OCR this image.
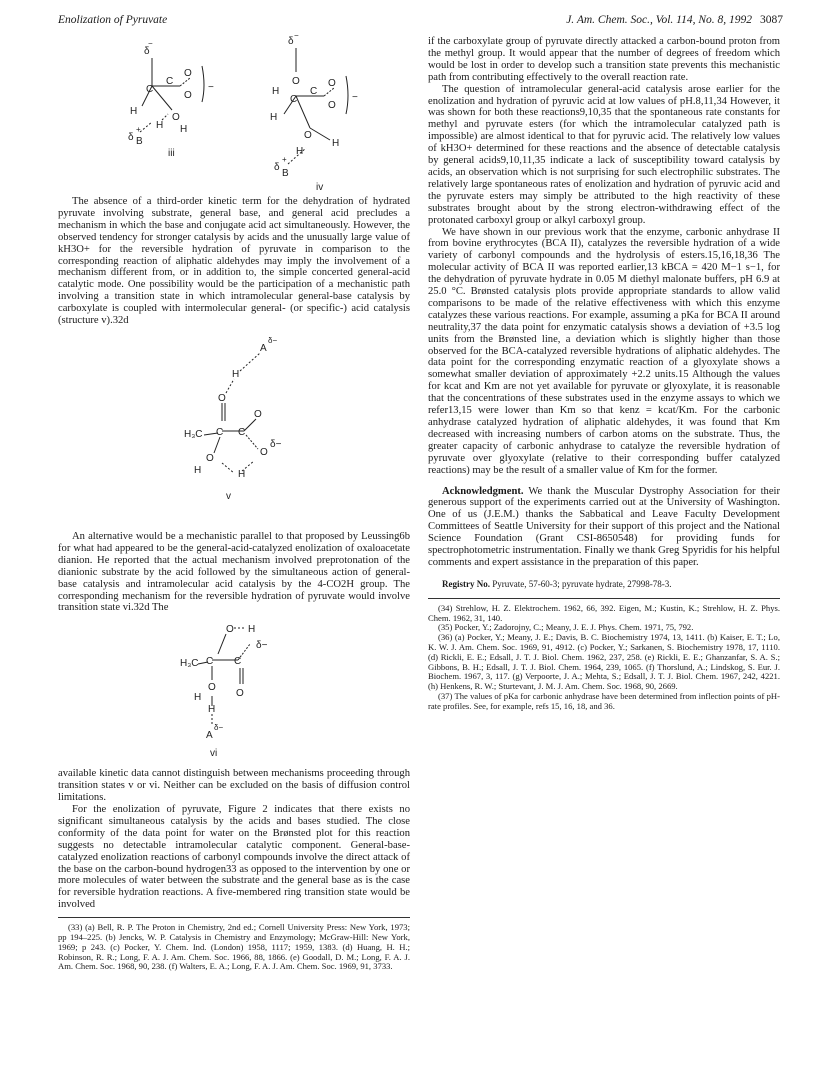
Enolization of Pyruvate	J. Am. Chem. Soc., Vol. 114, No. 8, 1992 3087
δ
−
C
C
O
O
−
H
O
H
H
δ
+
B
iii
δ
−
O
C
H	C
O
O
−
H
O
H
H
δ
+
B
iv

The absence of a third-order kinetic term for the dehydration of hydrated pyruvate involving substrate, general base, and general acid precludes a mechanism in which the base and conjugate acid act simultaneously. However, the observed tendency for stronger catalysis by acids and the unusually large value of kH3O+ for the reversible hydration of pyruvate in comparison to the corresponding reaction of aliphatic aldehydes may imply the involvement of a mechanism different from, or in addition to, the simple concerted general-acid catalytic mode. One possibility would be the participation of a mechanistic path involving a transition state in which intramolecular general-base catalysis by carboxylate is coupled with intermolecular general- (or specific-) acid catalysis (structure v).32d

A
δ−
H
O
C C
O
H₃C
O
δ−
O
H	H
v

An alternative would be a mechanistic parallel to that proposed by Leussing6b for what had appeared to be the general-acid-catalyzed enolization of oxaloacetate dianion. He reported that the actual mechanism involved preprotonation of the dianionic substrate by the acid followed by the simultaneous action of general-base catalysis and intramolecular acid catalysis by the 4-CO2H group. The corresponding mechanism for the reversible hydration of pyruvate would involve transition state vi.32d The

O H
δ−
H₃C C C
O
O
H
H
A
δ−
vi

available kinetic data cannot distinguish between mechanisms proceeding through transition states v or vi. Neither can be excluded on the basis of diffusion control limitations.

For the enolization of pyruvate, Figure 2 indicates that there exists no significant simultaneous catalysis by the acids and bases studied. The close conformity of the data point for water on the Brønsted plot for this reaction suggests no detectable intramolecular catalytic component. General-base-catalyzed enolization reactions of carbonyl compounds involve the direct attack of the base on the carbon-bound hydrogen33 as opposed to the intervention by one or more molecules of water between the substrate and the general base as is the case for reversible hydration reactions. A five-membered ring transition state would be involved

(33) (a) Bell, R. P. The Proton in Chemistry, 2nd ed.; Cornell University Press: New York, 1973; pp 194–225. (b) Jencks, W. P. Catalysis in Chemistry and Enzymology; McGraw-Hill: New York, 1969; p 243. (c) Pocker, Y. Chem. Ind. (London) 1958, 1117; 1959, 1383. (d) Huang, H. H.; Robinson, R. R.; Long, F. A. J. Am. Chem. Soc. 1966, 88, 1866. (e) Goodall, D. M.; Long, F. A. J. Am. Chem. Soc. 1968, 90, 238. (f) Walters, E. A.; Long, F. A. J. Am. Chem. Soc. 1969, 91, 3733.

if the carboxylate group of pyruvate directly attacked a carbon-bound proton from the methyl group. It would appear that the number of degrees of freedom which would be lost in order to develop such a transition state prevents this mechanistic path from contributing effectively to the overall reaction rate.

The question of intramolecular general-acid catalysis arose earlier for the enolization and hydration of pyruvic acid at low values of pH.8,11,34 However, it was shown for both these reactions9,10,35 that the spontaneous rate constants for methyl and pyruvate esters (for which the intramolecular catalyzed path is impossible) are almost identical to that for pyruvic acid. The relatively low values of kH3O+ determined for these reactions and the absence of detectable catalysis by general acids9,10,11,35 indicate a lack of susceptibility toward catalysis by acids, an observation which is not surprising for such electrophilic substrates. The relatively large spontaneous rates of enolization and hydration of pyruvic acid and the pyruvate esters may simply be attributed to the high reactivity of these substrates brought about by the strong electron-withdrawing effect of the protonated carboxyl group or alkyl carboxyl group.

We have shown in our previous work that the enzyme, carbonic anhydrase II from bovine erythrocytes (BCA II), catalyzes the reversible hydration of a wide variety of carbonyl compounds and the hydrolysis of esters.15,16,18,36 The molecular activity of BCA II was reported earlier,13 kBCA = 420 M−1 s−1, for the dehydration of pyruvate hydrate in 0.05 M diethyl malonate buffers, pH 6.9 at 25.0 °C. Brønsted catalysis plots provide appropriate standards to allow valid comparisons to be made of the relative effectiveness with which this enzyme catalyzes these various reactions. For example, assuming a pKa for BCA II around neutrality,37 the data point for enzymatic catalysis shows a deviation of +3.5 log units from the Brønsted line, a deviation which is slightly higher than those observed for the BCA-catalyzed reversible hydrations of aliphatic aldehydes. The data point for the corresponding enzymatic reaction of a glyoxylate shows a somewhat smaller deviation of approximately +2.2 units.15 Although the values for kcat and Km are not yet available for pyruvate or glyoxylate, it is reasonable that the concentrations of these substrates used in the enzyme assays to which we refer13,15 were lower than Km so that kenz = kcat/Km. For the carbonic anhydrase catalyzed hydration of aliphatic aldehydes, it was found that Km decreased with increasing numbers of carbon atoms on the substrate. Thus, the greater capacity of carbonic anhydrase to catalyze the reversible hydration of pyruvate over glyoxylate (relative to their corresponding buffer catalyzed reactions) may be the result of a smaller value of Km for the former.

Acknowledgment. We thank the Muscular Dystrophy Association for their generous support of the experiments carried out at the University of Washington. One of us (J.E.M.) thanks the Sabbatical and Leave Faculty Development Committees of Seattle University for their support of this project and the National Science Foundation (Grant CSI-8650548) for providing funds for spectrophotometric instrumentation. Finally we thank Greg Spyridis for his helpful comments and expert assistance in the preparation of this paper.

Registry No. Pyruvate, 57-60-3; pyruvate hydrate, 27998-78-3.

(34) Strehlow, H. Z. Elektrochem. 1962, 66, 392. Eigen, M.; Kustin, K.; Strehlow, H. Z. Phys. Chem. 1962, 31, 140.

(35) Pocker, Y.; Zadorojny, C.; Meany, J. E. J. Phys. Chem. 1971, 75, 792.

(36) (a) Pocker, Y.; Meany, J. E.; Davis, B. C. Biochemistry 1974, 13, 1411. (b) Kaiser, E. T.; Lo, K. W. J. Am. Chem. Soc. 1969, 91, 4912. (c) Pocker, Y.; Sarkanen, S. Biochemistry 1978, 17, 1110. (d) Rickli, E. E.; Edsall, J. T. J. Biol. Chem. 1962, 237, 258. (e) Rickli, E. E.; Ghanzanfar, S. A. S.; Gibbons, B. H.; Edsall, J. T. J. Biol. Chem. 1964, 239, 1065. (f) Thorslund, A.; Lindskog, S. Eur. J. Biochem. 1967, 3, 117. (g) Verpoorte, J. A.; Mehta, S.; Edsall, J. T. J. Biol. Chem. 1967, 242, 4221. (h) Henkens, R. W.; Sturtevant, J. M. J. Am. Chem. Soc. 1968, 90, 2669.

(37) The values of pKa for carbonic anhydrase have been determined from inflection points of pH-rate profiles. See, for example, refs 15, 16, 18, and 36.
